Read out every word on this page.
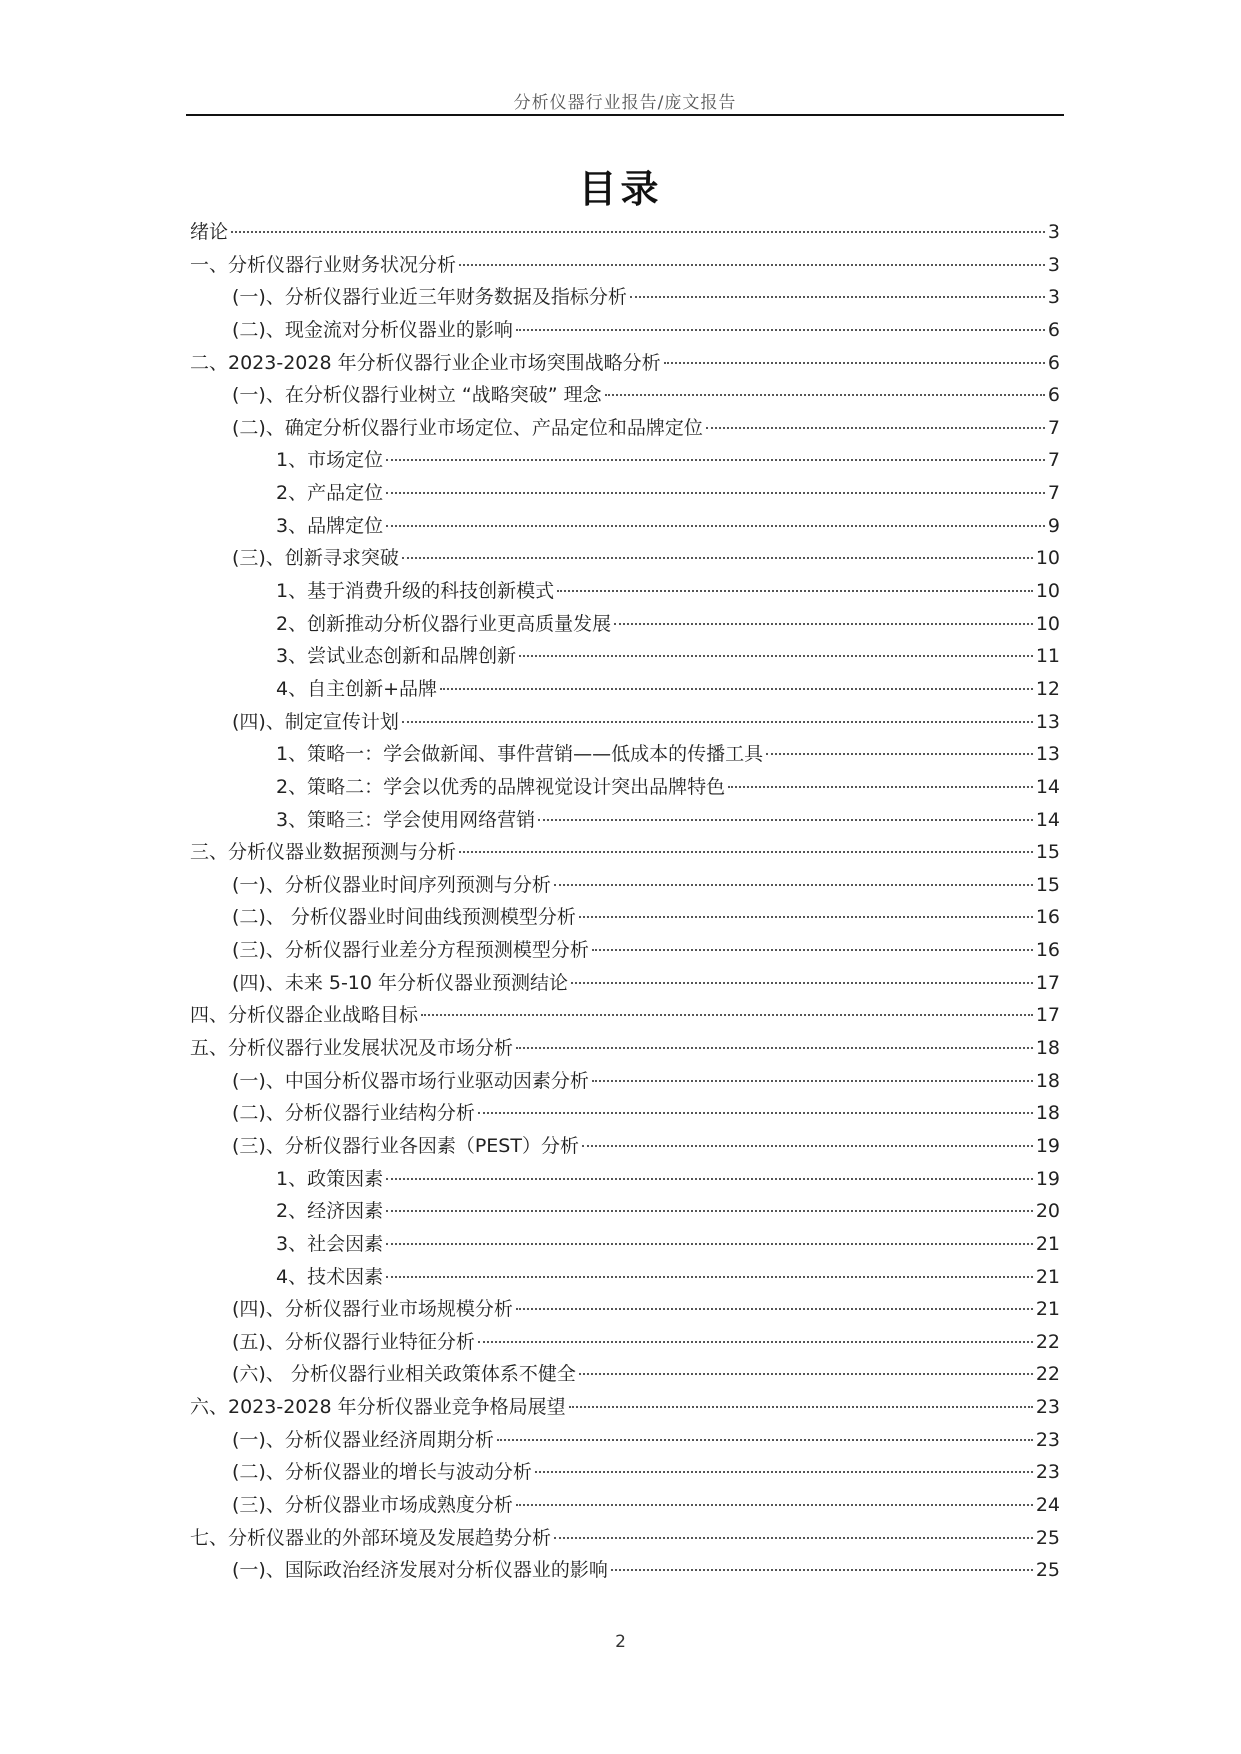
分析仪器行业报告/庞文报告
目录
绪论	3
一、分析仪器行业财务状况分析	3
(一)、分析仪器行业近三年财务数据及指标分析	3
(二)、现金流对分析仪器业的影响	6
二、2023-2028 年分析仪器行业企业市场突围战略分析	6
(一)、在分析仪器行业树立 “战略突破” 理念	6
(二)、确定分析仪器行业市场定位、产品定位和品牌定位	7
1、市场定位	7
2、产品定位	7
3、品牌定位	9
(三)、创新寻求突破	10
1、基于消费升级的科技创新模式	10
2、创新推动分析仪器行业更高质量发展	10
3、尝试业态创新和品牌创新	11
4、自主创新+品牌	12
(四)、制定宣传计划	13
1、策略一：学会做新闻、事件营销——低成本的传播工具	13
2、策略二：学会以优秀的品牌视觉设计突出品牌特色	14
3、策略三：学会使用网络营销	14
三、分析仪器业数据预测与分析	15
(一)、分析仪器业时间序列预测与分析	15
(二)、 分析仪器业时间曲线预测模型分析	16
(三)、分析仪器行业差分方程预测模型分析	16
(四)、未来 5-10 年分析仪器业预测结论	17
四、分析仪器企业战略目标	17
五、分析仪器行业发展状况及市场分析	18
(一)、中国分析仪器市场行业驱动因素分析	18
(二)、分析仪器行业结构分析	18
(三)、分析仪器行业各因素（PEST）分析	19
1、政策因素	19
2、经济因素	20
3、社会因素	21
4、技术因素	21
(四)、分析仪器行业市场规模分析	21
(五)、分析仪器行业特征分析	22
(六)、 分析仪器行业相关政策体系不健全	22
六、2023-2028 年分析仪器业竞争格局展望	23
(一)、分析仪器业经济周期分析	23
(二)、分析仪器业的增长与波动分析	23
(三)、分析仪器业市场成熟度分析	24
七、分析仪器业的外部环境及发展趋势分析	25
(一)、国际政治经济发展对分析仪器业的影响	25
2
